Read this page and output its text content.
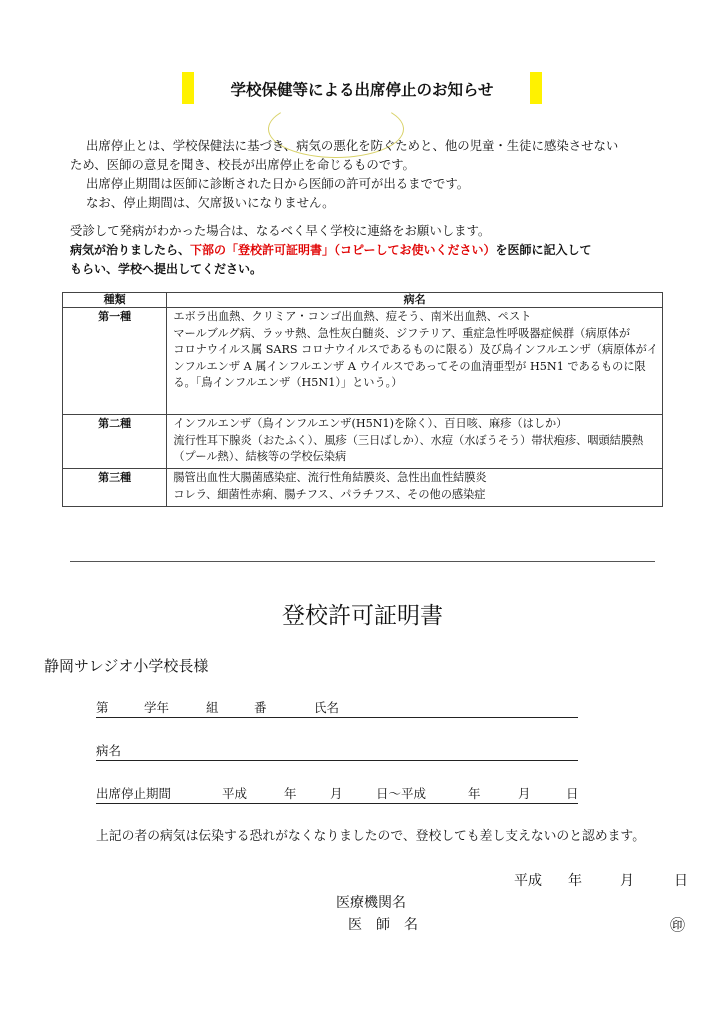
学校保健等による出席停止のお知らせ
出席停止とは、学校保健法に基づき、病気の悪化を防ぐためと、他の児童・生徒に感染させない
ため、医師の意見を聞き、校長が出席停止を命じるものです。
出席停止期間は医師に診断された日から医師の許可が出るまでです。
なお、停止期間は、欠席扱いになりません。
受診して発病がわかった場合は、なるべく早く学校に連絡をお願いします。
病気が治りましたら、下部の「登校許可証明書」（コピーしてお使いください）を医師に記入して
もらい、学校へ提出してください。
種類	病名
第一種	エボラ出血熱、クリミア・コンゴ出血熱、痘そう、南米出血熱、ペスト
マールブルグ病、ラッサ熱、急性灰白髄炎、ジフテリア、重症急性呼吸器症候群（病原体が
コロナウイルス属 SARS コロナウイルスであるものに限る）及び鳥インフルエンザ（病原体がイ
ンフルエンザ A 属インフルエンザ A ウイルスであってその血清亜型が H5N1 であるものに限
る。「鳥インフルエンザ（H5N1）」という。）

第二種	インフルエンザ（鳥インフルエンザ(H5N1)を除く）、百日咳、麻疹（はしか）
流行性耳下腺炎（おたふく）、風疹（三日ばしか）、水痘（水ぼうそう）帯状疱疹、咽頭結膜熱
（プール熱）、結核等の学校伝染病

第三種	腸管出血性大腸菌感染症、流行性角結膜炎、急性出血性結膜炎
コレラ、細菌性赤痢、腸チフス、パラチフス、その他の感染症
登校許可証明書
静岡サレジオ小学校長様
第	学年	組	番	氏名
病名
出席停止期間	平成	年	月	日～平成	年	月	日
上記の者の病気は伝染する恐れがなくなりましたので、登校しても差し支えないのと認めます。
平成 年	月	日
医療機関名
医　師　名	㊞
